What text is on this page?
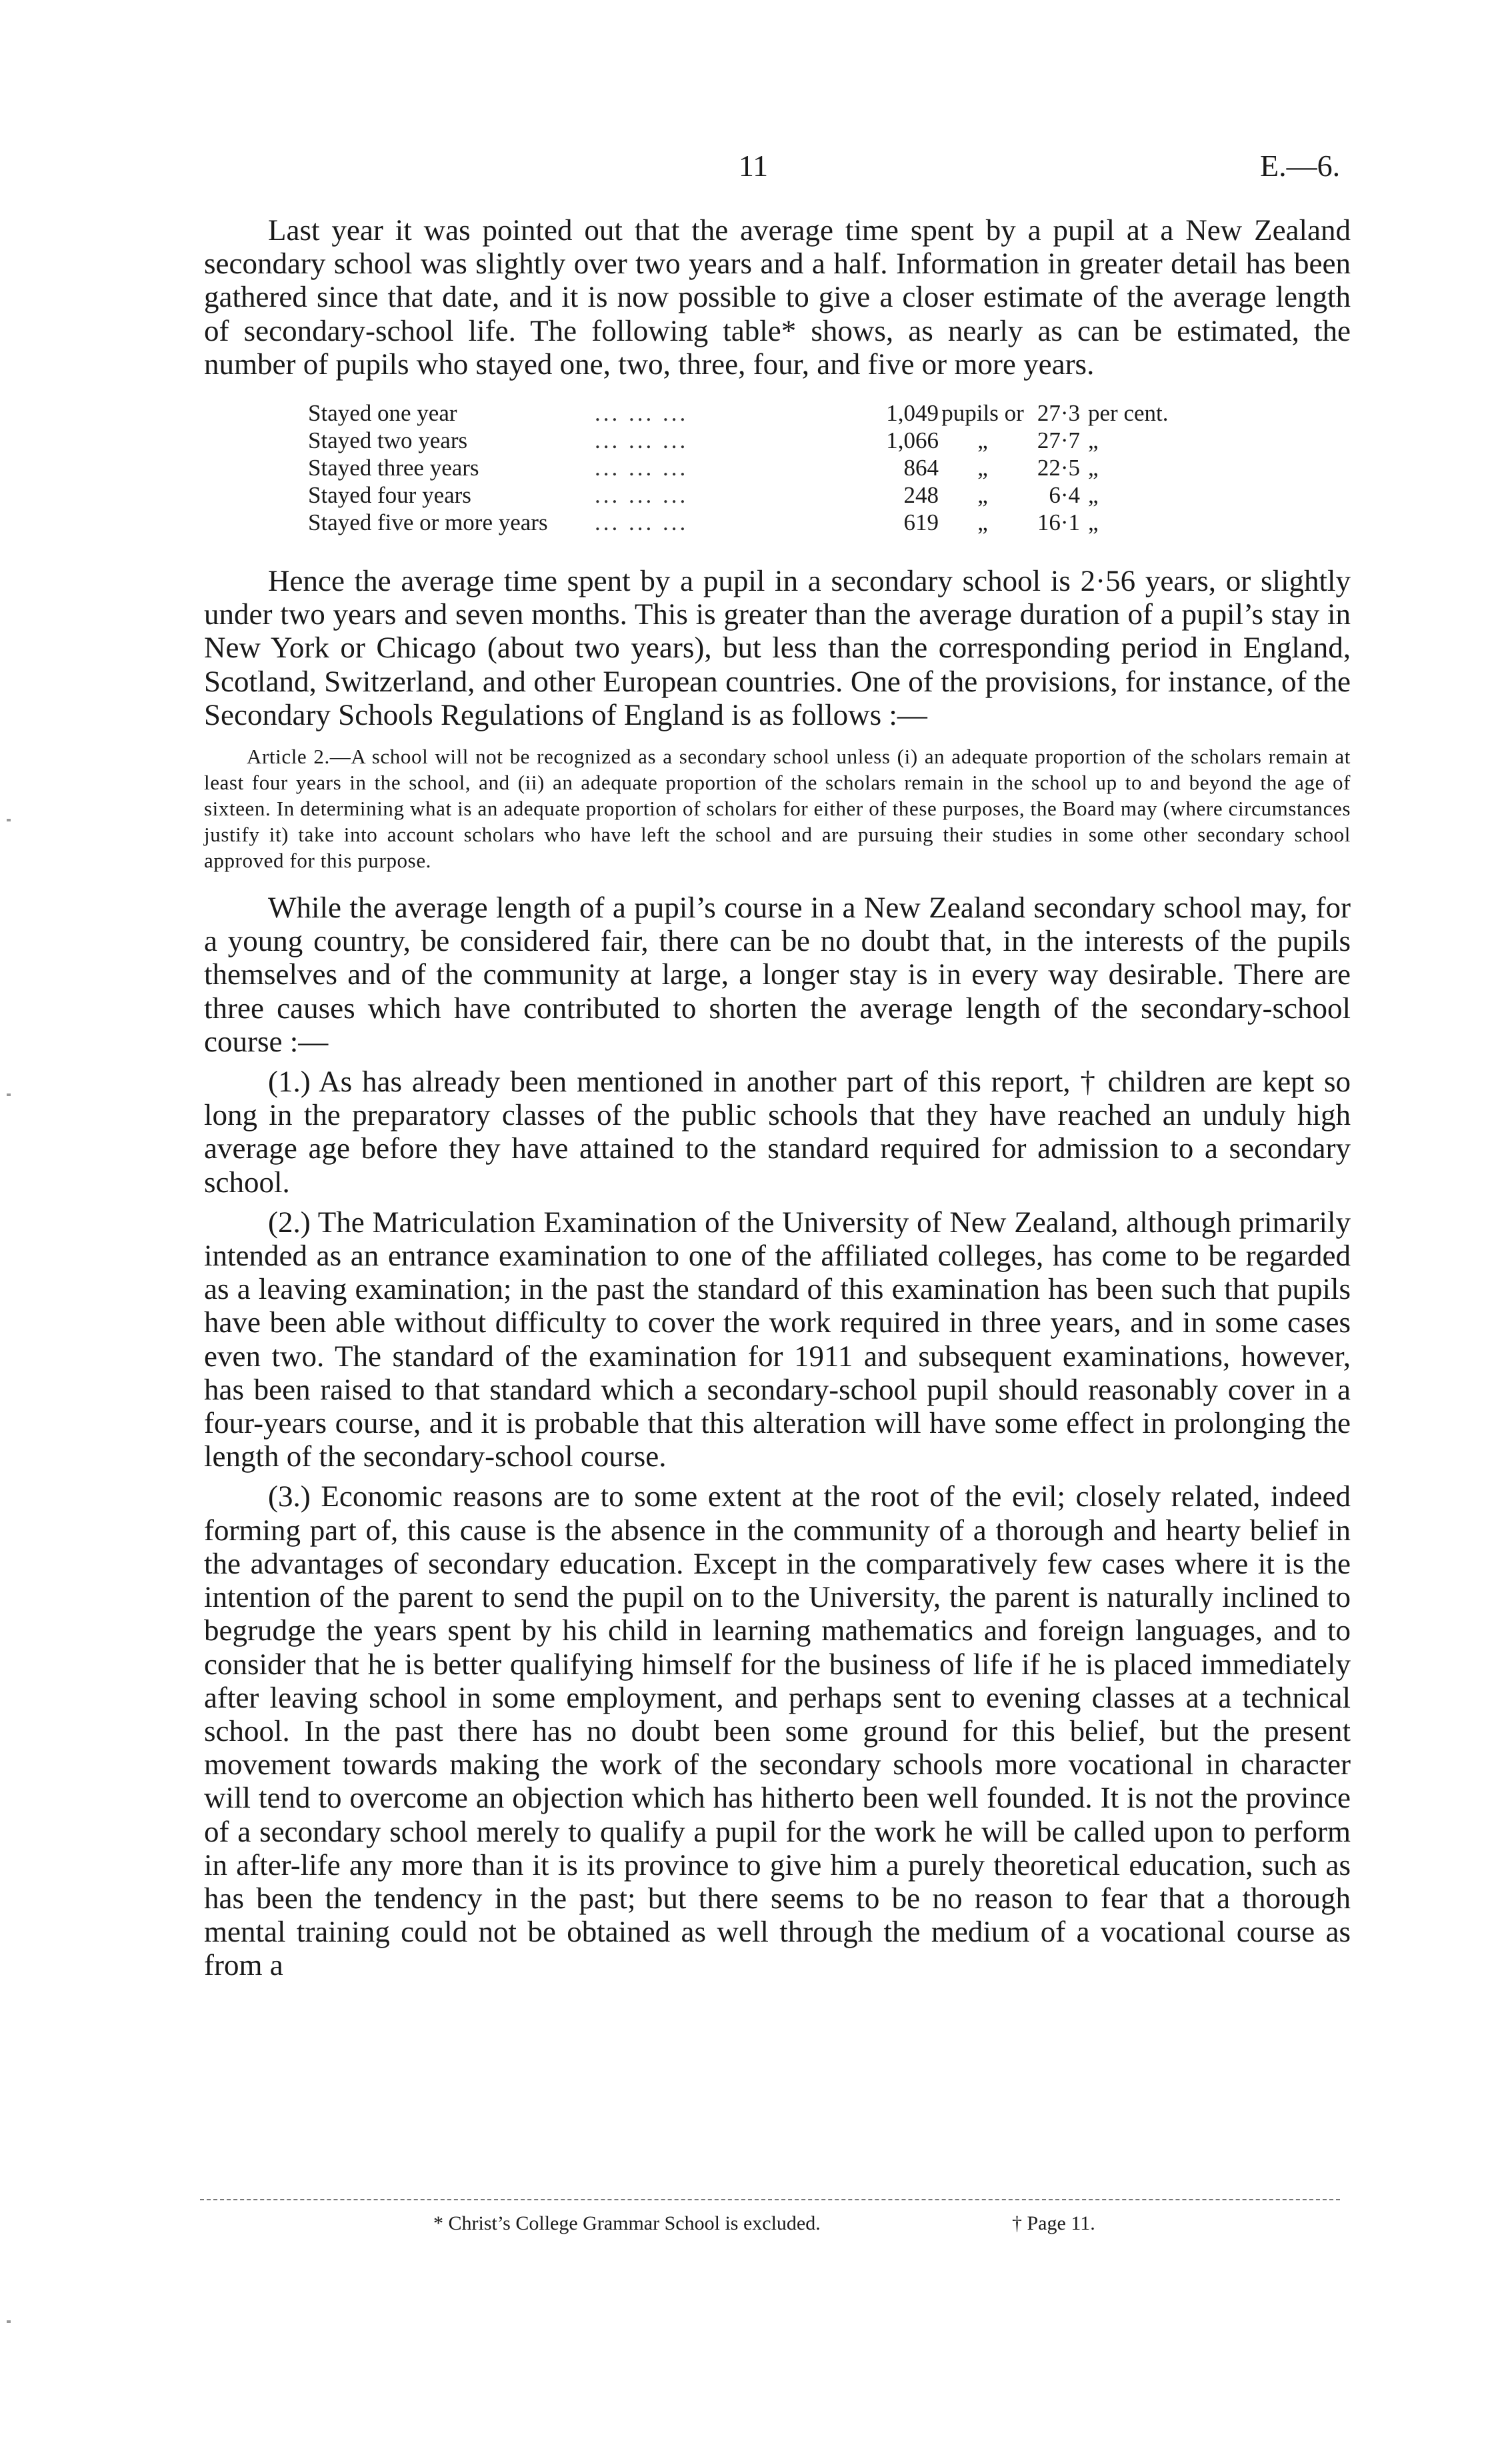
11	E.—6.

Last year it was pointed out that the average time spent by a pupil at a New Zealand secondary school was slightly over two years and a half. Information in greater detail has been gathered since that date, and it is now possible to give a closer estimate of the average length of secondary-school life. The following table* shows, as nearly as can be estimated, the number of pupils who stayed one, two, three, four, and five or more years.

Stayed one year	... ... ...	1,049	pupils or	27·3	per cent.
Stayed two years	... ... ...	1,066	„	27·7	„
Stayed three years	... ... ...	864	„	22·5	„
Stayed four years	... ... ...	248	„	6·4	„
Stayed five or more years	... ... ...	619	„	16·1	„

Hence the average time spent by a pupil in a secondary school is 2·56 years, or slightly under two years and seven months. This is greater than the average duration of a pupil’s stay in New York or Chicago (about two years), but less than the corresponding period in England, Scotland, Switzerland, and other European countries. One of the provisions, for instance, of the Secondary Schools Regulations of England is as follows :—

Article 2.—A school will not be recognized as a secondary school unless (i) an adequate proportion of the scholars remain at least four years in the school, and (ii) an adequate proportion of the scholars remain in the school up to and beyond the age of sixteen. In determining what is an adequate proportion of scholars for either of these purposes, the Board may (where circumstances justify it) take into account scholars who have left the school and are pursuing their studies in some other secondary school approved for this purpose.

While the average length of a pupil’s course in a New Zealand secondary school may, for a young country, be considered fair, there can be no doubt that, in the interests of the pupils themselves and of the community at large, a longer stay is in every way desirable. There are three causes which have contributed to shorten the average length of the secondary-school course :—

(1.) As has already been mentioned in another part of this report, † children are kept so long in the preparatory classes of the public schools that they have reached an unduly high average age before they have attained to the standard required for admission to a secondary school.

(2.) The Matriculation Examination of the University of New Zealand, although primarily intended as an entrance examination to one of the affiliated colleges, has come to be regarded as a leaving examination; in the past the standard of this examination has been such that pupils have been able without difficulty to cover the work required in three years, and in some cases even two. The standard of the examination for 1911 and subsequent examinations, however, has been raised to that standard which a secondary-school pupil should reasonably cover in a four-years course, and it is probable that this alteration will have some effect in prolonging the length of the secondary-school course.

(3.) Economic reasons are to some extent at the root of the evil; closely related, indeed forming part of, this cause is the absence in the community of a thorough and hearty belief in the advantages of secondary education. Except in the comparatively few cases where it is the intention of the parent to send the pupil on to the University, the parent is naturally inclined to begrudge the years spent by his child in learning mathematics and foreign languages, and to consider that he is better qualifying himself for the business of life if he is placed immediately after leaving school in some employment, and perhaps sent to evening classes at a technical school. In the past there has no doubt been some ground for this belief, but the present movement towards making the work of the secondary schools more vocational in character will tend to overcome an objection which has hitherto been well founded. It is not the province of a secondary school merely to qualify a pupil for the work he will be called upon to perform in after-life any more than it is its province to give him a purely theoretical education, such as has been the tendency in the past; but there seems to be no reason to fear that a thorough mental training could not be obtained as well through the medium of a vocational course as from a

* Christ’s College Grammar School is excluded.	† Page 11.
